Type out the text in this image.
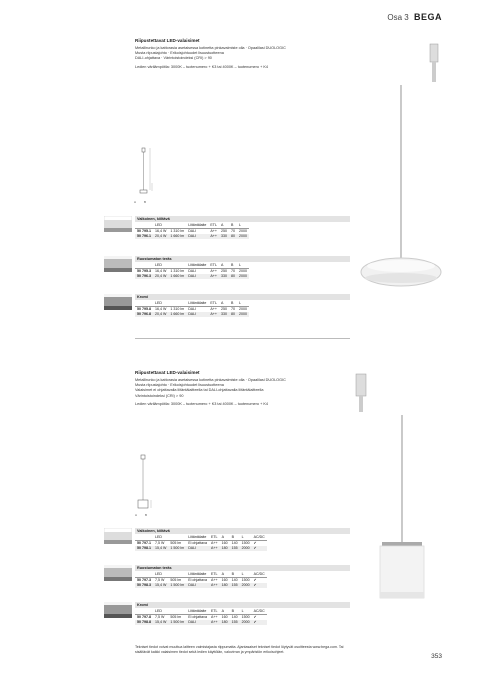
Osa 3 BEGA
Riipustettavat LED-valaisimet
Metallirunko ja kattorasia asetaisessa kotinetta pinkavalmiste olla · Opaalilasi DUOLOGIC
Musta riipustajohto · Erikoisjohtuudet lisuustuotteena
DALI-ohjattava · Värintoistoindeksi (CRI) > 90
Ledien värilämpötila: 3000K – tuotenumero + K3 tai 4000K – tuotenumero + K4
A	B
Valkoinen, kiiltävä
	LED		Liitäntälaite	ETL	A	B	L
50 795.1	16,4 W	1 310 lm	DALI	A++	250	70	2000
50 796.1	20,4 W	1 660 lm	DALI	A++	330	80	2000
Ruostumaton teräs
	LED		Liitäntälaite	ETL	A	B	L
50 795.3	16,4 W	1 310 lm	DALI	A++	250	70	2000
50 796.3	20,4 W	1 660 lm	DALI	A++	330	80	2000
Kromi
	LED		Liitäntälaite	ETL	A	B	L
50 795.8	16,4 W	1 310 lm	DALI	A++	250	70	2000
50 796.8	20,4 W	1 660 lm	DALI	A++	330	80	2000
Riipustettavat LED-valaisimet
Metallirunko ja kattorasia asetaisessa kotinetta pinkavalmiste olla · Opaalilasi DUOLOGIC
Musta riipustajohto · Erikoisjohtuudet lisuustuotteena
Valaisimet ei ohjattavalla liitäntälaitteella tai DALI-ohjattavalla liitäntälaitteella
Värintoistoindeksi (CRI) > 90
Ledien värilämpötila: 3000K – tuotenumero + K3 tai 4000K – tuotenumero + K4
A	B
Valkoinen, kiiltävä
	LED		Liitäntälaite	ETL	A	B	L	AC/DC
50 797.1	7,5 W	505 lm	Ei ohjattava	A++	160	140	1500	✔
50 798.1	15,4 W	1 500 lm	DALI	A++	180	155	2000	✔
Ruostumaton teräs
	LED		Liitäntälaite	ETL	A	B	L	AC/DC
50 797.3	7,5 W	505 lm	Ei ohjattava	A++	160	140	1500	✔
50 798.3	15,4 W	1 500 lm	DALI	A++	180	155	2000	✔
Kromi
	LED		Liitäntälaite	ETL	A	B	L	AC/DC
50 797.8	7,5 W	505 lm	Ei ohjattava	A++	160	140	1500	✔
50 798.8	15,4 W	1 500 lm	DALI	A++	180	155	2000	✔
Tekniset tiedot voivat muuttua laitteen valmistajasta riippumatta. Ajantasaiset tekniset tiedot löytyvät osoitteesta www.bega.com. Tai sisältävät kaikki valaisimen tiedot sekä ledien käyttöiän, valovirran ja ympäristön erikoisohjeet.
353
